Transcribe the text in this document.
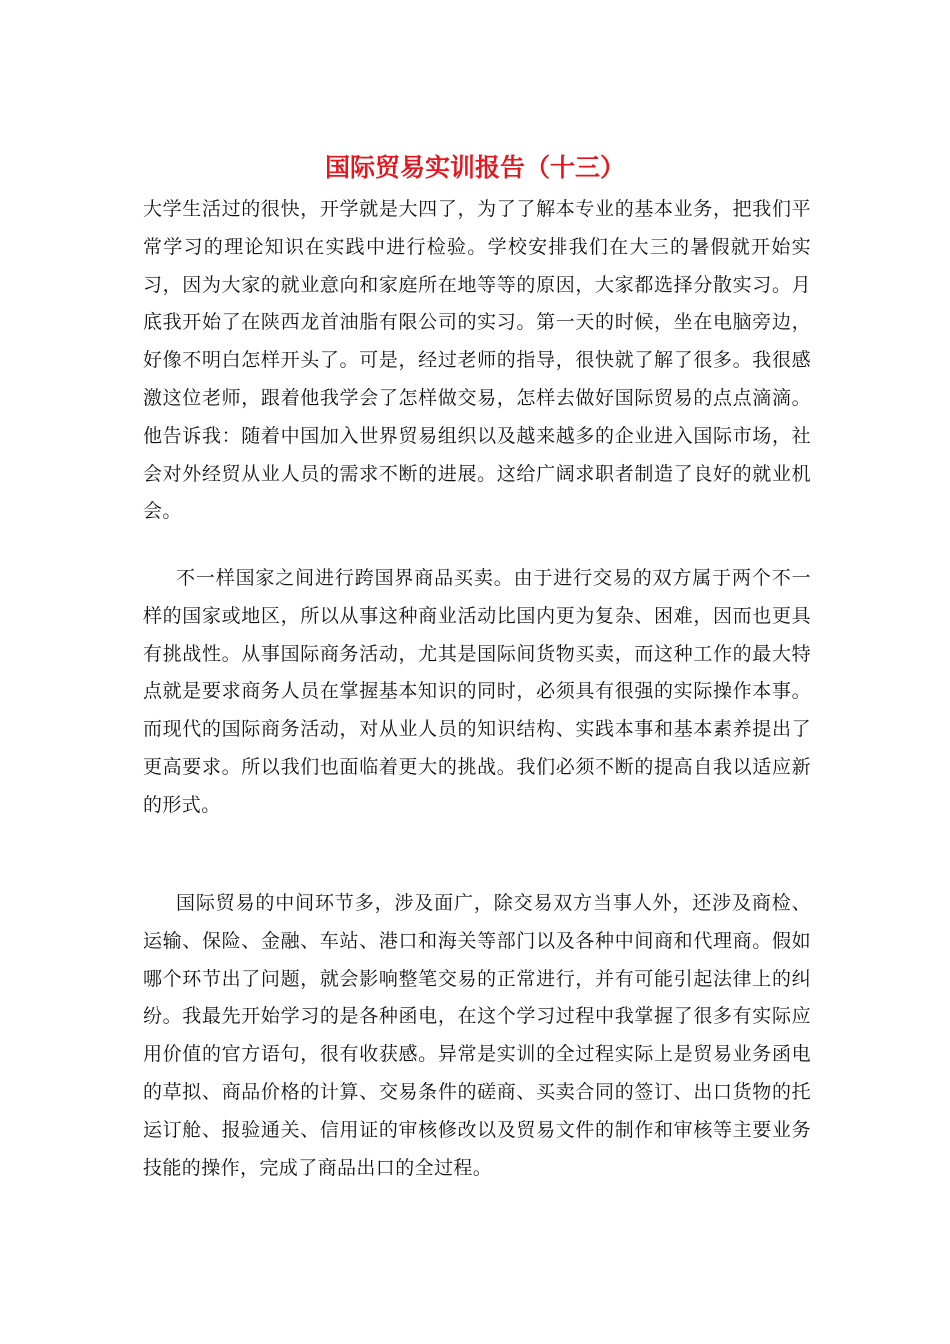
国际贸易实训报告（十三）

大学生活过的很快，开学就是大四了，为了了解本专业的基本业务，把我们平常学习的理论知识在实践中进行检验。学校安排我们在大三的暑假就开始实习，因为大家的就业意向和家庭所在地等等的原因，大家都选择分散实习。月底我开始了在陕西龙首油脂有限公司的实习。第一天的时候，坐在电脑旁边，好像不明白怎样开头了。可是，经过老师的指导，很快就了解了很多。我很感激这位老师，跟着他我学会了怎样做交易，怎样去做好国际贸易的点点滴滴。他告诉我：随着中国加入世界贸易组织以及越来越多的企业进入国际市场，社会对外经贸从业人员的需求不断的进展。这给广阔求职者制造了良好的就业机会。

不一样国家之间进行跨国界商品买卖。由于进行交易的双方属于两个不一样的国家或地区，所以从事这种商业活动比国内更为复杂、困难，因而也更具有挑战性。从事国际商务活动，尤其是国际间货物买卖，而这种工作的最大特点就是要求商务人员在掌握基本知识的同时，必须具有很强的实际操作本事。而现代的国际商务活动，对从业人员的知识结构、实践本事和基本素养提出了更高要求。所以我们也面临着更大的挑战。我们必须不断的提高自我以适应新的形式。

国际贸易的中间环节多，涉及面广，除交易双方当事人外，还涉及商检、运输、保险、金融、车站、港口和海关等部门以及各种中间商和代理商。假如哪个环节出了问题，就会影响整笔交易的正常进行，并有可能引起法律上的纠纷。我最先开始学习的是各种函电，在这个学习过程中我掌握了很多有实际应用价值的官方语句，很有收获感。异常是实训的全过程实际上是贸易业务函电的草拟、商品价格的计算、交易条件的磋商、买卖合同的签订、出口货物的托运订舱、报验通关、信用证的审核修改以及贸易文件的制作和审核等主要业务技能的操作，完成了商品出口的全过程。
